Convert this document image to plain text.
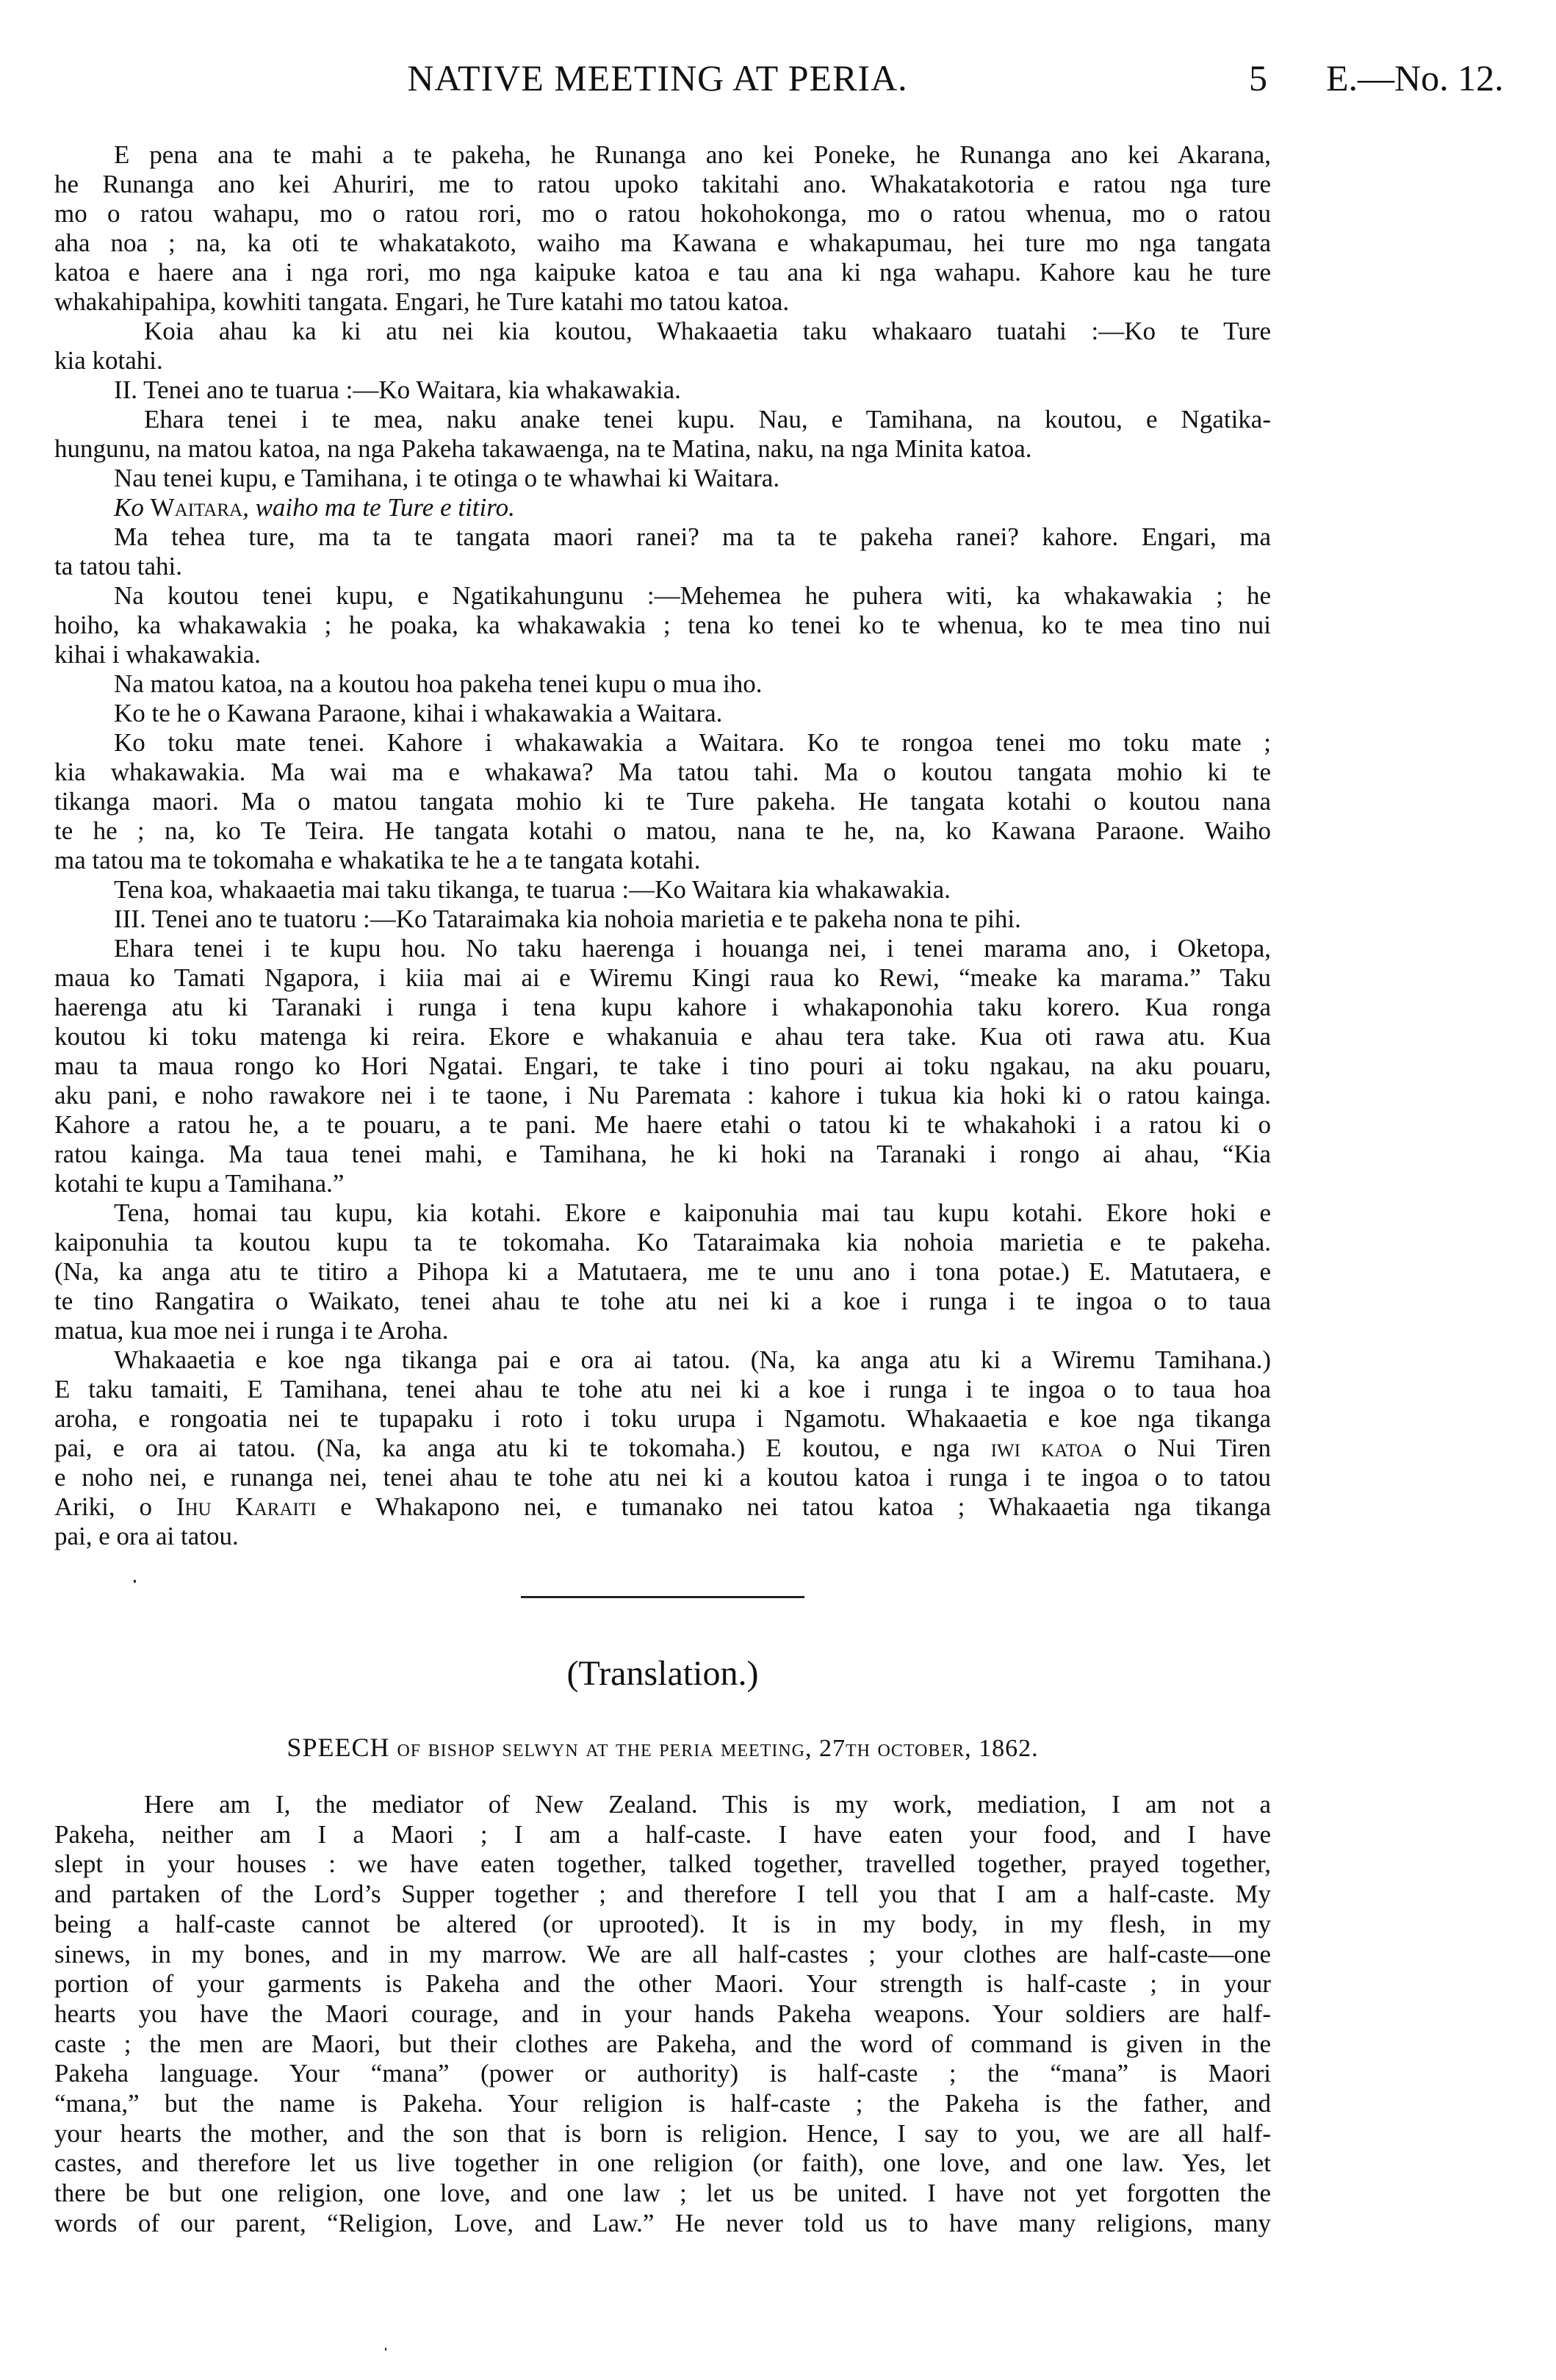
NATIVE MEETING AT PERIA.	5 E.—No. 12.
E pena ana te mahi a te pakeha, he Runanga ano kei Poneke, he Runanga ano kei Akarana,
he Runanga ano kei Ahuriri, me to ratou upoko takitahi ano. Whakatakotoria e ratou nga ture
mo o ratou wahapu, mo o ratou rori, mo o ratou hokohokonga, mo o ratou whenua, mo o ratou
aha noa ; na, ka oti te whakatakoto, waiho ma Kawana e whakapumau, hei ture mo nga tangata
katoa e haere ana i nga rori, mo nga kaipuke katoa e tau ana ki nga wahapu. Kahore kau he ture
whakahipahipa, kowhiti tangata. Engari, he Ture katahi mo tatou katoa.
Koia ahau ka ki atu nei kia koutou, Whakaaetia taku whakaaro tuatahi :—Ko te Ture
kia kotahi.
II. Tenei ano te tuarua :—Ko Waitara, kia whakawakia.
Ehara tenei i te mea, naku anake tenei kupu. Nau, e Tamihana, na koutou, e Ngatika-
hungunu, na matou katoa, na nga Pakeha takawaenga, na te Matina, naku, na nga Minita katoa.
Nau tenei kupu, e Tamihana, i te otinga o te whawhai ki Waitara.
Ko Waitara, waiho ma te Ture e titiro.
Ma tehea ture, ma ta te tangata maori ranei? ma ta te pakeha ranei? kahore. Engari, ma
ta tatou tahi.
Na koutou tenei kupu, e Ngatikahungunu :—Mehemea he puhera witi, ka whakawakia ; he
hoiho, ka whakawakia ; he poaka, ka whakawakia ; tena ko tenei ko te whenua, ko te mea tino nui
kihai i whakawakia.
Na matou katoa, na a koutou hoa pakeha tenei kupu o mua iho.
Ko te he o Kawana Paraone, kihai i whakawakia a Waitara.
Ko toku mate tenei. Kahore i whakawakia a Waitara. Ko te rongoa tenei mo toku mate ;
kia whakawakia. Ma wai ma e whakawa? Ma tatou tahi. Ma o koutou tangata mohio ki te
tikanga maori. Ma o matou tangata mohio ki te Ture pakeha. He tangata kotahi o koutou nana
te he ; na, ko Te Teira. He tangata kotahi o matou, nana te he, na, ko Kawana Paraone. Waiho
ma tatou ma te tokomaha e whakatika te he a te tangata kotahi.
Tena koa, whakaaetia mai taku tikanga, te tuarua :—Ko Waitara kia whakawakia.
III. Tenei ano te tuatoru :—Ko Tataraimaka kia nohoia marietia e te pakeha nona te pihi.
Ehara tenei i te kupu hou. No taku haerenga i houanga nei, i tenei marama ano, i Oketopa,
maua ko Tamati Ngapora, i kiia mai ai e Wiremu Kingi raua ko Rewi, “meake ka marama.” Taku
haerenga atu ki Taranaki i runga i tena kupu kahore i whakaponohia taku korero. Kua ronga
koutou ki toku matenga ki reira. Ekore e whakanuia e ahau tera take. Kua oti rawa atu. Kua
mau ta maua rongo ko Hori Ngatai. Engari, te take i tino pouri ai toku ngakau, na aku pouaru,
aku pani, e noho rawakore nei i te taone, i Nu Paremata : kahore i tukua kia hoki ki o ratou kainga.
Kahore a ratou he, a te pouaru, a te pani. Me haere etahi o tatou ki te whakahoki i a ratou ki o
ratou kainga. Ma taua tenei mahi, e Tamihana, he ki hoki na Taranaki i rongo ai ahau, “Kia
kotahi te kupu a Tamihana.”
Tena, homai tau kupu, kia kotahi. Ekore e kaiponuhia mai tau kupu kotahi. Ekore hoki e
kaiponuhia ta koutou kupu ta te tokomaha. Ko Tataraimaka kia nohoia marietia e te pakeha.
(Na, ka anga atu te titiro a Pihopa ki a Matutaera, me te unu ano i tona potae.) E. Matutaera, e
te tino Rangatira o Waikato, tenei ahau te tohe atu nei ki a koe i runga i te ingoa o to taua
matua, kua moe nei i runga i te Aroha.
Whakaaetia e koe nga tikanga pai e ora ai tatou. (Na, ka anga atu ki a Wiremu Tamihana.)
E taku tamaiti, E Tamihana, tenei ahau te tohe atu nei ki a koe i runga i te ingoa o to taua hoa
aroha, e rongoatia nei te tupapaku i roto i toku urupa i Ngamotu. Whakaaetia e koe nga tikanga
pai, e ora ai tatou. (Na, ka anga atu ki te tokomaha.) E koutou, e nga iwi katoa o Nui Tiren
e noho nei, e runanga nei, tenei ahau te tohe atu nei ki a koutou katoa i runga i te ingoa o to tatou
Ariki, o Ihu Karaiti e Whakapono nei, e tumanako nei tatou katoa ; Whakaaetia nga tikanga
pai, e ora ai tatou.
(Translation.)
SPEECH of bishop selwyn at the peria meeting, 27th october, 1862.
Here am I, the mediator of New Zealand. This is my work, mediation, I am not a
Pakeha, neither am I a Maori ; I am a half-caste. I have eaten your food, and I have
slept in your houses : we have eaten together, talked together, travelled together, prayed together,
and partaken of the Lord’s Supper together ; and therefore I tell you that I am a half-caste. My
being a half-caste cannot be altered (or uprooted). It is in my body, in my flesh, in my
sinews, in my bones, and in my marrow. We are all half-castes ; your clothes are half-caste—one
portion of your garments is Pakeha and the other Maori. Your strength is half-caste ; in your
hearts you have the Maori courage, and in your hands Pakeha weapons. Your soldiers are half-
caste ; the men are Maori, but their clothes are Pakeha, and the word of command is given in the
Pakeha language. Your “mana” (power or authority) is half-caste ; the “mana” is Maori
“mana,” but the name is Pakeha. Your religion is half-caste ; the Pakeha is the father, and
your hearts the mother, and the son that is born is religion. Hence, I say to you, we are all half-
castes, and therefore let us live together in one religion (or faith), one love, and one law. Yes, let
there be but one religion, one love, and one law ; let us be united. I have not yet forgotten the
words of our parent, “Religion, Love, and Law.” He never told us to have many religions, many
